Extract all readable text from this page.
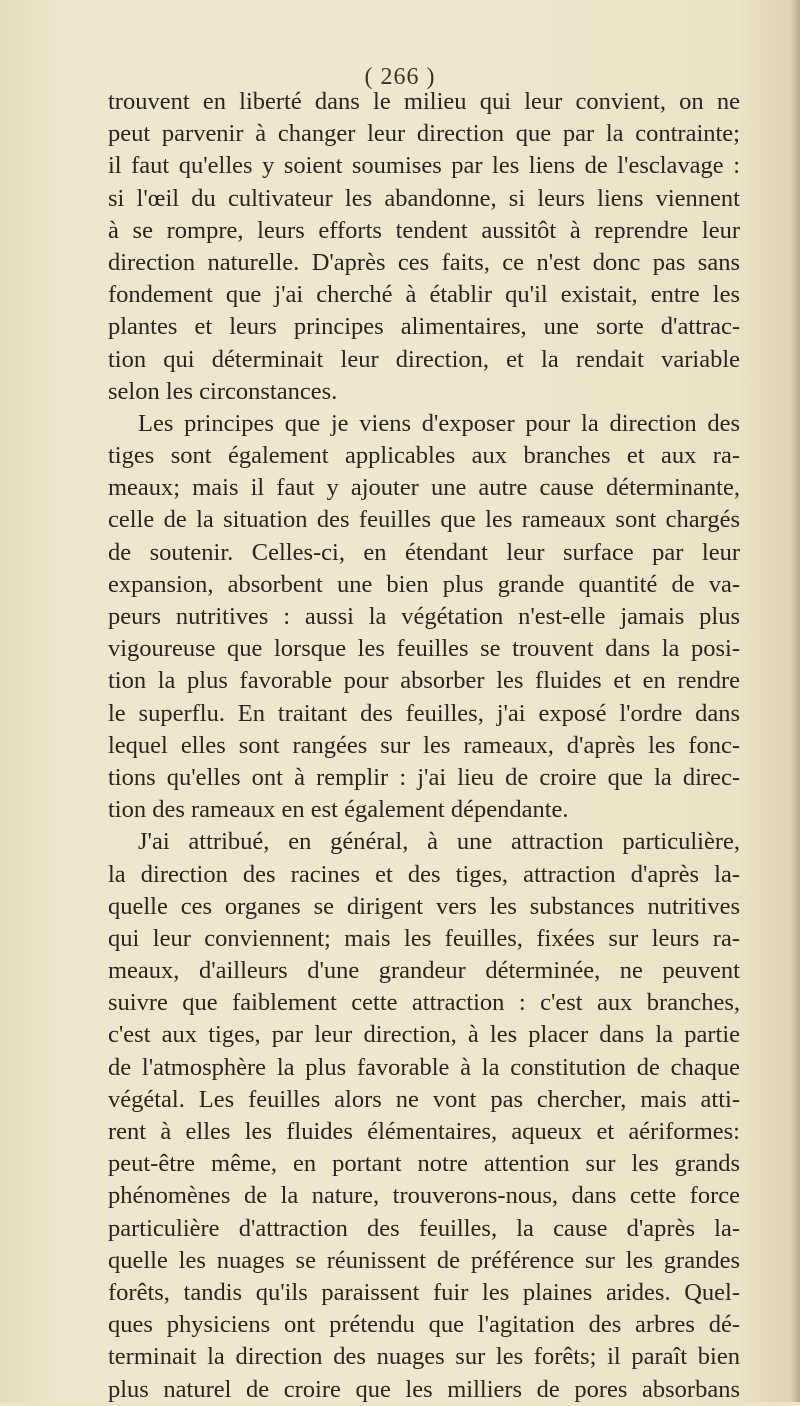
( 266 )
trouvent en liberté dans le milieu qui leur convient, on ne
peut parvenir à changer leur direction que par la contrainte;
il faut qu'elles y soient soumises par les liens de l'esclavage :
si l'œil du cultivateur les abandonne, si leurs liens viennent
à se rompre, leurs efforts tendent aussitôt à reprendre leur
direction naturelle. D'après ces faits, ce n'est donc pas sans
fondement que j'ai cherché à établir qu'il existait, entre les
plantes et leurs principes alimentaires, une sorte d'attrac-
tion qui déterminait leur direction, et la rendait variable
selon les circonstances.
Les principes que je viens d'exposer pour la direction des
tiges sont également applicables aux branches et aux ra-
meaux; mais il faut y ajouter une autre cause déterminante,
celle de la situation des feuilles que les rameaux sont chargés
de soutenir. Celles-ci, en étendant leur surface par leur
expansion, absorbent une bien plus grande quantité de va-
peurs nutritives : aussi la végétation n'est-elle jamais plus
vigoureuse que lorsque les feuilles se trouvent dans la posi-
tion la plus favorable pour absorber les fluides et en rendre
le superflu. En traitant des feuilles, j'ai exposé l'ordre dans
lequel elles sont rangées sur les rameaux, d'après les fonc-
tions qu'elles ont à remplir : j'ai lieu de croire que la direc-
tion des rameaux en est également dépendante.
J'ai attribué, en général, à une attraction particulière,
la direction des racines et des tiges, attraction d'après la-
quelle ces organes se dirigent vers les substances nutritives
qui leur conviennent; mais les feuilles, fixées sur leurs ra-
meaux, d'ailleurs d'une grandeur déterminée, ne peuvent
suivre que faiblement cette attraction : c'est aux branches,
c'est aux tiges, par leur direction, à les placer dans la partie
de l'atmosphère la plus favorable à la constitution de chaque
végétal. Les feuilles alors ne vont pas chercher, mais atti-
rent à elles les fluides élémentaires, aqueux et aériformes:
peut-être même, en portant notre attention sur les grands
phénomènes de la nature, trouverons-nous, dans cette force
particulière d'attraction des feuilles, la cause d'après la-
quelle les nuages se réunissent de préférence sur les grandes
forêts, tandis qu'ils paraissent fuir les plaines arides. Quel-
ques physiciens ont prétendu que l'agitation des arbres dé-
terminait la direction des nuages sur les forêts; il paraît bien
plus naturel de croire que les milliers de pores absorbans
